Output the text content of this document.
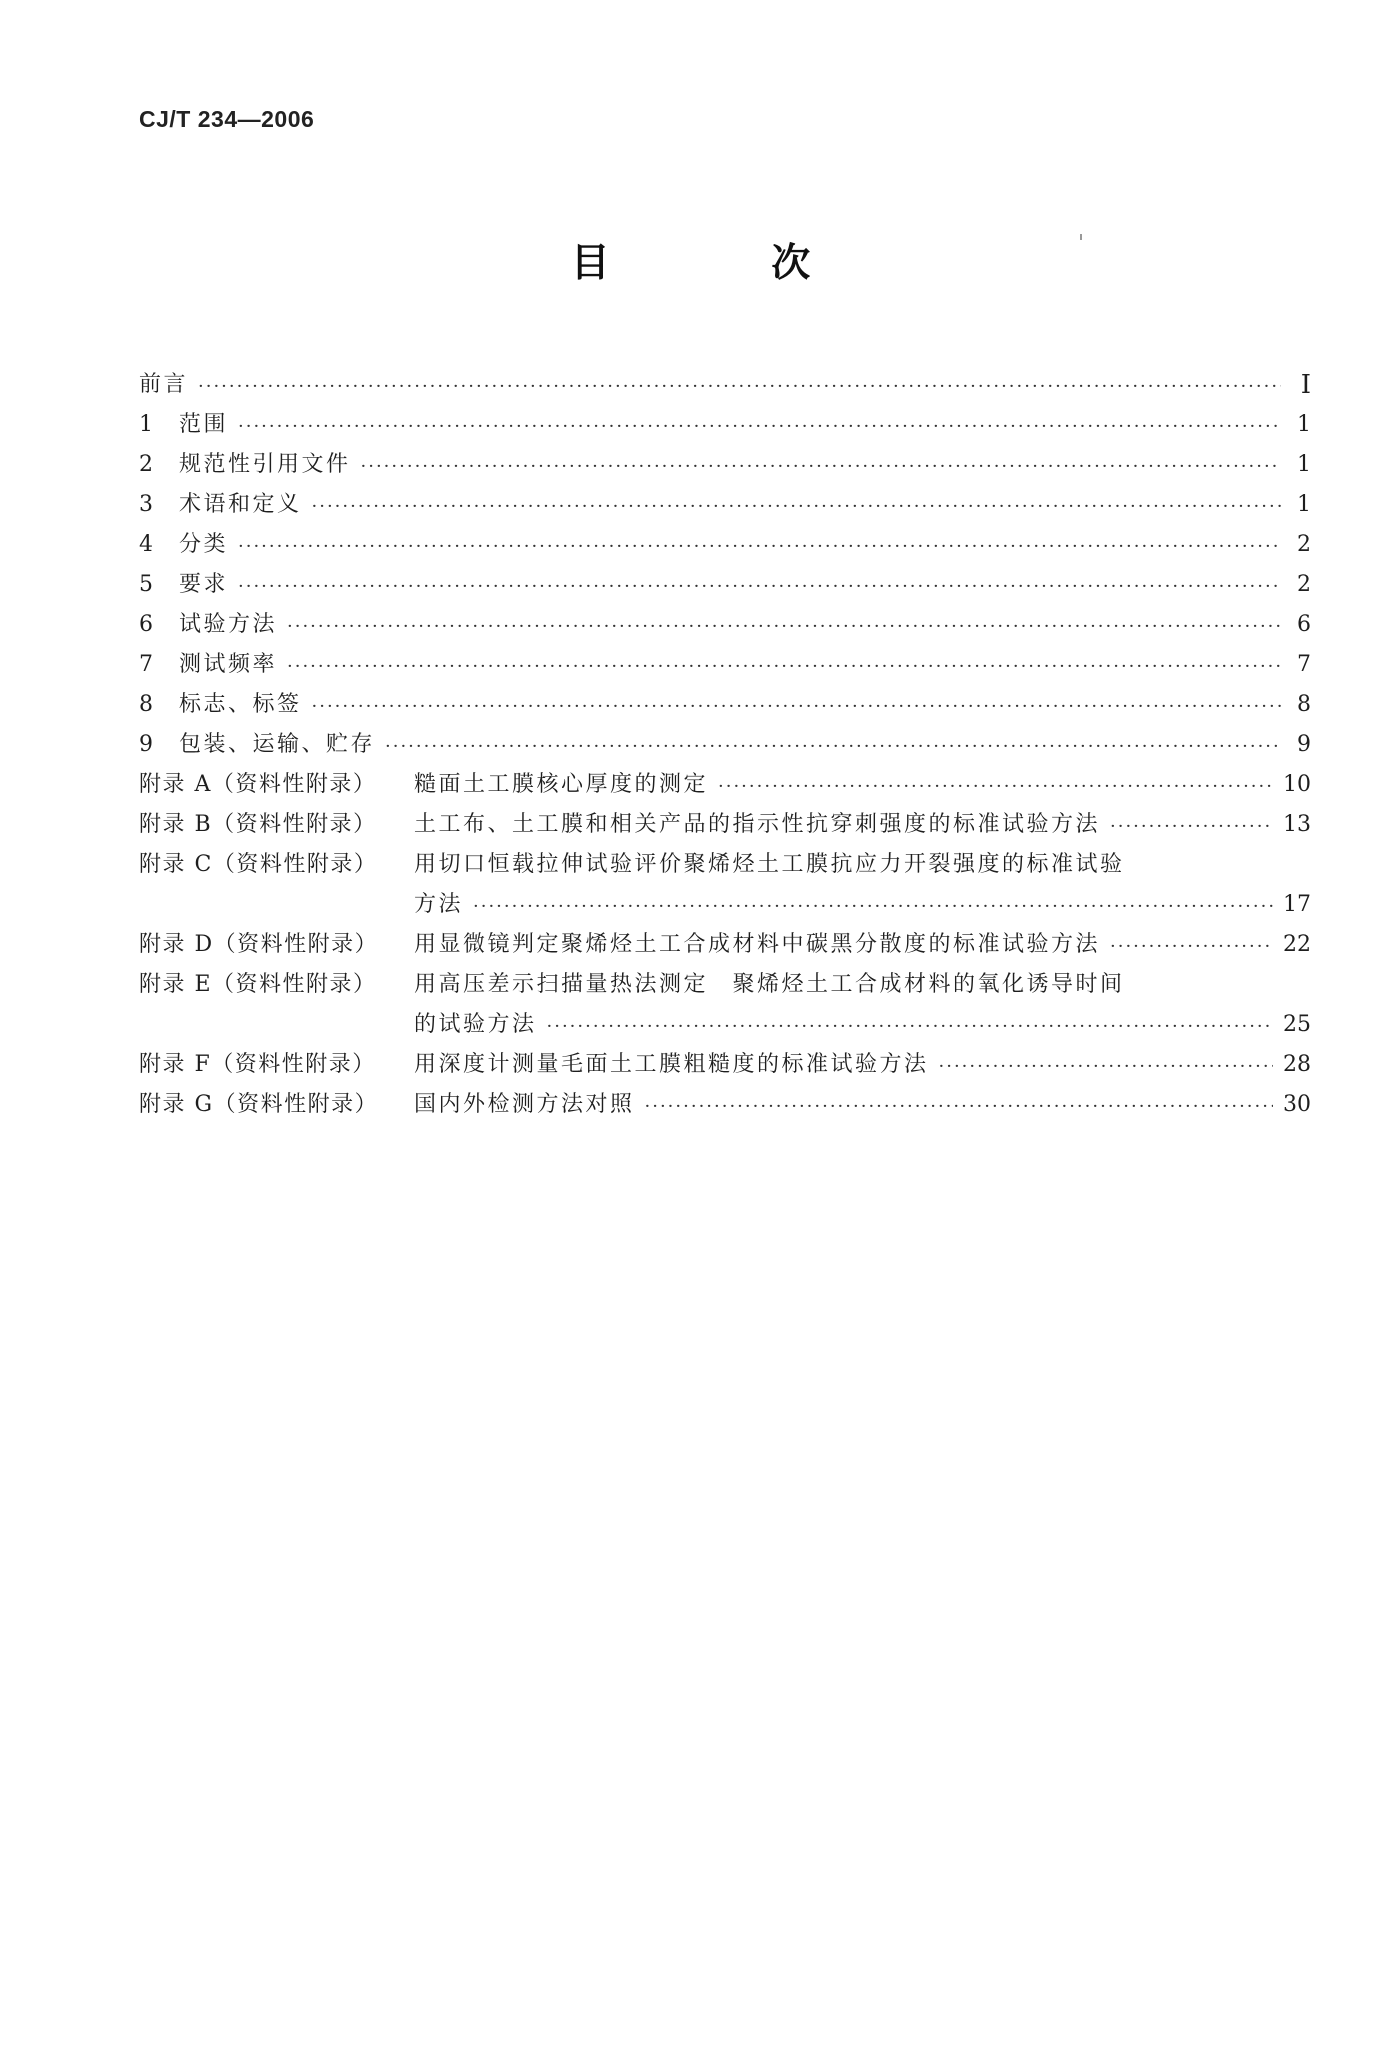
CJ/T 234—2006
目 次
前言 ·····	Ⅰ
1 范围 ·····	1
2 规范性引用文件 ·····	1
3 术语和定义 ·····	1
4 分类 ·····	2
5 要求 ·····	2
6 试验方法 ·····	6
7 测试频率 ·····	7
8 标志、标签 ·····	8
9 包装、运输、贮存 ·····	9
附录 A（资料性附录） 糙面土工膜核心厚度的测定 ·····	10
附录 B（资料性附录） 土工布、土工膜和相关产品的指示性抗穿刺强度的标准试验方法 ·····	13
附录 C（资料性附录） 用切口恒载拉伸试验评价聚烯烃土工膜抗应力开裂强度的标准试验
方法 ·····	17
附录 D（资料性附录） 用显微镜判定聚烯烃土工合成材料中碳黑分散度的标准试验方法 ·····	22
附录 E（资料性附录） 用高压差示扫描量热法测定　聚烯烃土工合成材料的氧化诱导时间
的试验方法 ·····	25
附录 F（资料性附录） 用深度计测量毛面土工膜粗糙度的标准试验方法 ·····	28
附录 G（资料性附录） 国内外检测方法对照 ·····	30
